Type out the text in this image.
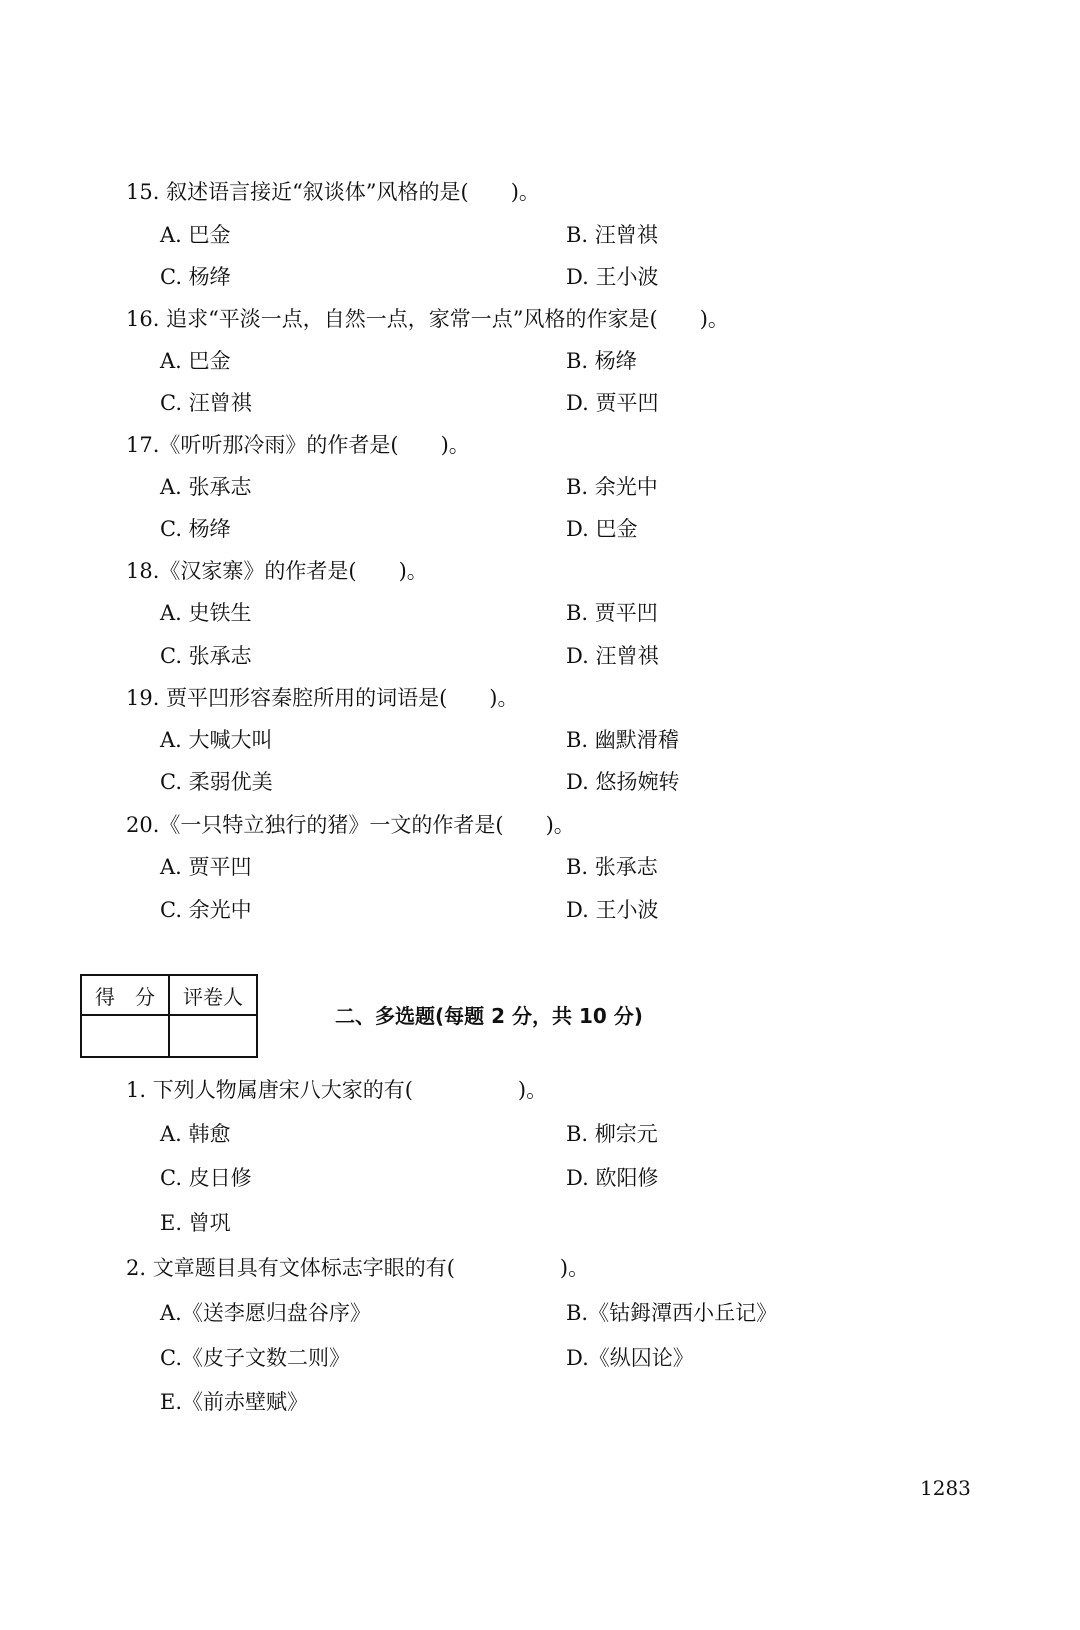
15. 叙述语言接近“叙谈体”风格的是(　　)。
A. 巴金	B. 汪曾祺
C. 杨绛	D. 王小波
16. 追求“平淡一点，自然一点，家常一点”风格的作家是(　　)。
A. 巴金	B. 杨绛
C. 汪曾祺	D. 贾平凹
17.《听听那冷雨》的作者是(　　)。
A. 张承志	B. 余光中
C. 杨绛	D. 巴金
18.《汉家寨》的作者是(　　)。
A. 史铁生	B. 贾平凹
C. 张承志	D. 汪曾祺
19. 贾平凹形容秦腔所用的词语是(　　)。
A. 大喊大叫	B. 幽默滑稽
C. 柔弱优美	D. 悠扬婉转
20.《一只特立独行的猪》一文的作者是(　　)。
A. 贾平凹	B. 张承志
C. 余光中	D. 王小波
得　分	评卷人

二、多选题(每题 2 分，共 10 分)
1. 下列人物属唐宋八大家的有(　　　　　)。
A. 韩愈	B. 柳宗元
C. 皮日修	D. 欧阳修
E. 曾巩
2. 文章题目具有文体标志字眼的有(　　　　　)。
A.《送李愿归盘谷序》	B.《钴鉧潭西小丘记》
C.《皮子文数二则》	D.《纵囚论》
E.《前赤壁赋》
1283
